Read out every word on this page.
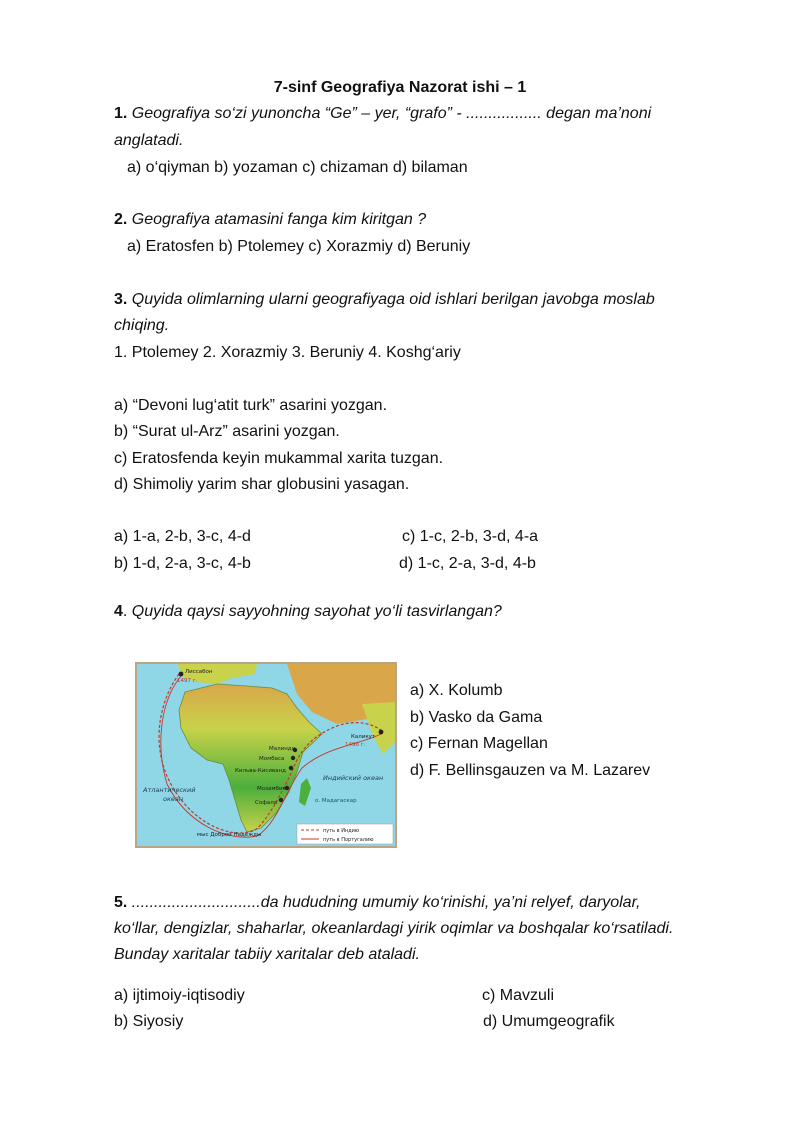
7-sinf Geografiya Nazorat ishi – 1
1. Geografiya so‘zi yunoncha “Ge” – yer, “grafo” - ................. degan ma’noni
anglatadi.
a) o‘qiyman b) yozaman c) chizaman d) bilaman
2. Geografiya atamasini fanga kim kiritgan ?
a) Eratosfen b) Ptolemey c) Xorazmiy d) Beruniy
3. Quyida olimlarning ularni geografiyaga oid ishlari berilgan javobga moslab
chiqing.
1. Ptolemey 2. Xorazmiy 3. Beruniy 4. Koshg‘ariy
a) “Devoni lug‘atit turk” asarini yozgan.
b) “Surat ul-Arz” asarini yozgan.
c) Eratosfenda keyin mukammal xarita tuzgan.
d) Shimoliy yarim shar globusini yasagan.
a) 1-a, 2-b, 3-c, 4-d	c) 1-c, 2-b, 3-d, 4-a
b) 1-d, 2-a, 3-c, 4-b	d) 1-c, 2-a, 3-d, 4-b
4. Quyida qaysi sayyohning sayohat yo‘li tasvirlangan?
Лиссабон
Каликут
1497 г.
1498 г.
Малинди
Момбаса
Кильва-Кисиванд
Мозамбик
Софала	о. Мадагаскар
мыс Доброй Надежды
Атлантический
океан
Индийский океан
путь в Индию
путь в Португалию
a) X. Kolumb
b) Vasko da Gama
c) Fernan Magellan
d) F. Bellinsgauzen va M. Lazarev
5. .............................da hududning umumiy ko‘rinishi, ya’ni relyef, daryolar,
ko‘llar, dengizlar, shaharlar, okeanlardagi yirik oqimlar va boshqalar ko‘rsatiladi.
Bunday xaritalar tabiiy xaritalar deb ataladi.
a) ijtimoiy-iqtisodiy	c) Mavzuli
b) Siyosiy	d) Umumgeografik
